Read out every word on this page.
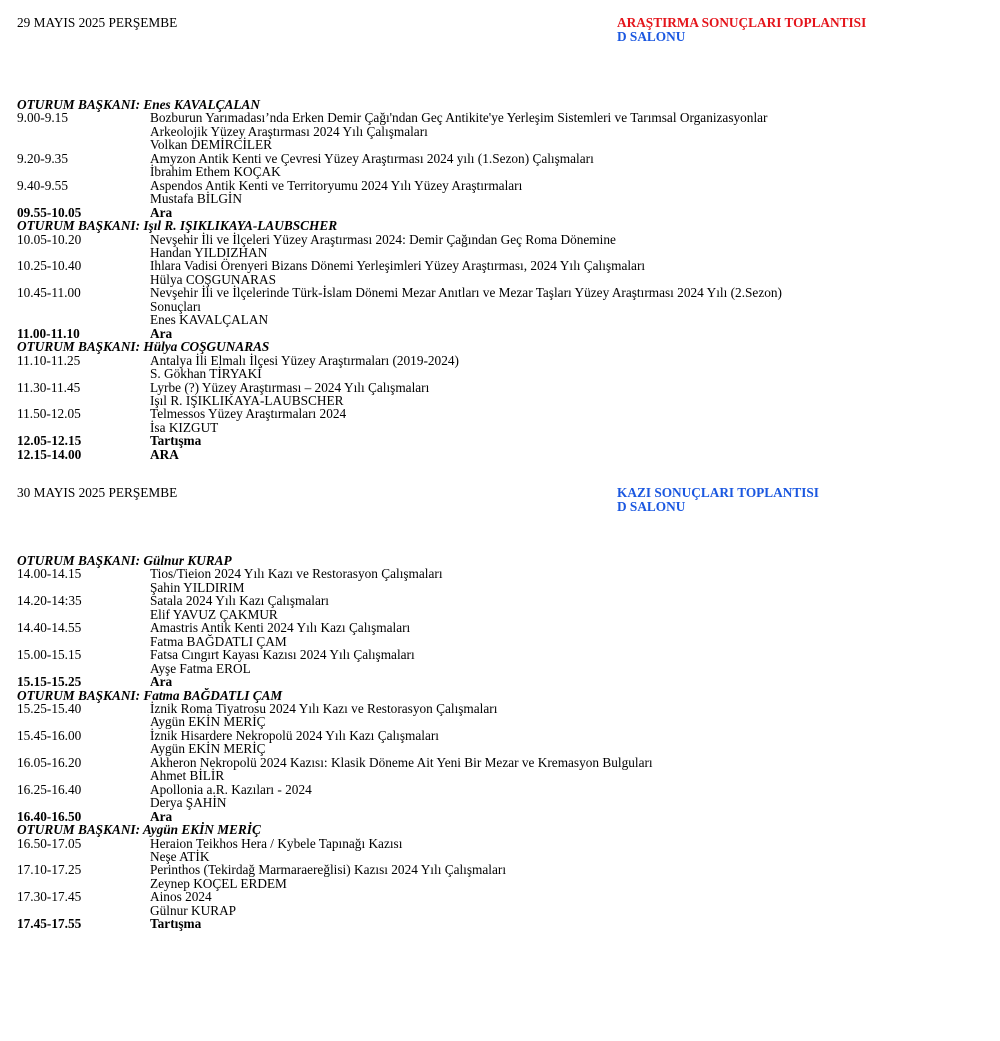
29 MAYIS 2025 PERŞEMBE	ARAŞTIRMA SONUÇLARI TOPLANTISI
D SALONU
OTURUM BAŞKANI: Enes KAVALÇALAN
9.00-9.15	Bozburun Yarımadası’nda Erken Demir Çağı'ndan Geç Antikite'ye Yerleşim Sistemleri ve Tarımsal Organizasyonlar
Arkeolojik Yüzey Araştırması 2024 Yılı Çalışmaları
Volkan DEMİRCİLER
9.20-9.35	Amyzon Antik Kenti ve Çevresi Yüzey Araştırması 2024 yılı (1.Sezon) Çalışmaları
İbrahim Ethem KOÇAK
9.40-9.55	Aspendos Antik Kenti ve Territoryumu 2024 Yılı Yüzey Araştırmaları
Mustafa BİLGİN
09.55-10.05	Ara
OTURUM BAŞKANI: Işıl R. IŞIKLIKAYA-LAUBSCHER
10.05-10.20	Nevşehir İli ve İlçeleri Yüzey Araştırması 2024: Demir Çağından Geç Roma Dönemine
Handan YILDIZHAN
10.25-10.40	Ihlara Vadisi Örenyeri Bizans Dönemi Yerleşimleri Yüzey Araştırması, 2024 Yılı Çalışmaları
Hülya COŞGUNARAS
10.45-11.00	Nevşehir İli ve İlçelerinde Türk-İslam Dönemi Mezar Anıtları ve Mezar Taşları Yüzey Araştırması 2024 Yılı (2.Sezon)
Sonuçları
Enes KAVALÇALAN
11.00-11.10	Ara
OTURUM BAŞKANI: Hülya COŞGUNARAS
11.10-11.25	Antalya İli Elmalı İlçesi Yüzey Araştırmaları (2019-2024)
S. Gökhan TİRYAKİ
11.30-11.45	Lyrbe (?) Yüzey Araştırması – 2024 Yılı Çalışmaları
Işıl R. IŞIKLIKAYA-LAUBSCHER
11.50-12.05	Telmessos Yüzey Araştırmaları 2024
İsa KIZGUT
12.05-12.15	Tartışma
12.15-14.00	ARA
30 MAYIS 2025 PERŞEMBE	KAZI SONUÇLARI TOPLANTISI
D SALONU
OTURUM BAŞKANI: Gülnur KURAP
14.00-14.15	Tios/Tieion 2024 Yılı Kazı ve Restorasyon Çalışmaları
Şahin YILDIRIM
14.20-14:35	Satala 2024 Yılı Kazı Çalışmaları
Elif YAVUZ ÇAKMUR
14.40-14.55	Amastris Antik Kenti 2024 Yılı Kazı Çalışmaları
Fatma BAĞDATLI ÇAM
15.00-15.15	Fatsa Cıngırt Kayası Kazısı 2024 Yılı Çalışmaları
Ayşe Fatma EROL
15.15-15.25	Ara
OTURUM BAŞKANI: Fatma BAĞDATLI ÇAM
15.25-15.40	İznik Roma Tiyatrosu 2024 Yılı Kazı ve Restorasyon Çalışmaları
Aygün EKİN MERİÇ
15.45-16.00	İznik Hisardere Nekropolü 2024 Yılı Kazı Çalışmaları
Aygün EKİN MERİÇ
16.05-16.20	Akheron Nekropolü 2024 Kazısı: Klasik Döneme Ait Yeni Bir Mezar ve Kremasyon Bulguları
Ahmet BİLİR
16.25-16.40	Apollonia a.R. Kazıları - 2024
Derya ŞAHİN
16.40-16.50	Ara
OTURUM BAŞKANI: Aygün EKİN MERİÇ
16.50-17.05	Heraion Teikhos Hera / Kybele Tapınağı Kazısı
Neşe ATİK
17.10-17.25	Perinthos (Tekirdağ Marmaraereğlisi) Kazısı 2024 Yılı Çalışmaları
Zeynep KOÇEL ERDEM
17.30-17.45	Ainos 2024
Gülnur KURAP
17.45-17.55	Tartışma
